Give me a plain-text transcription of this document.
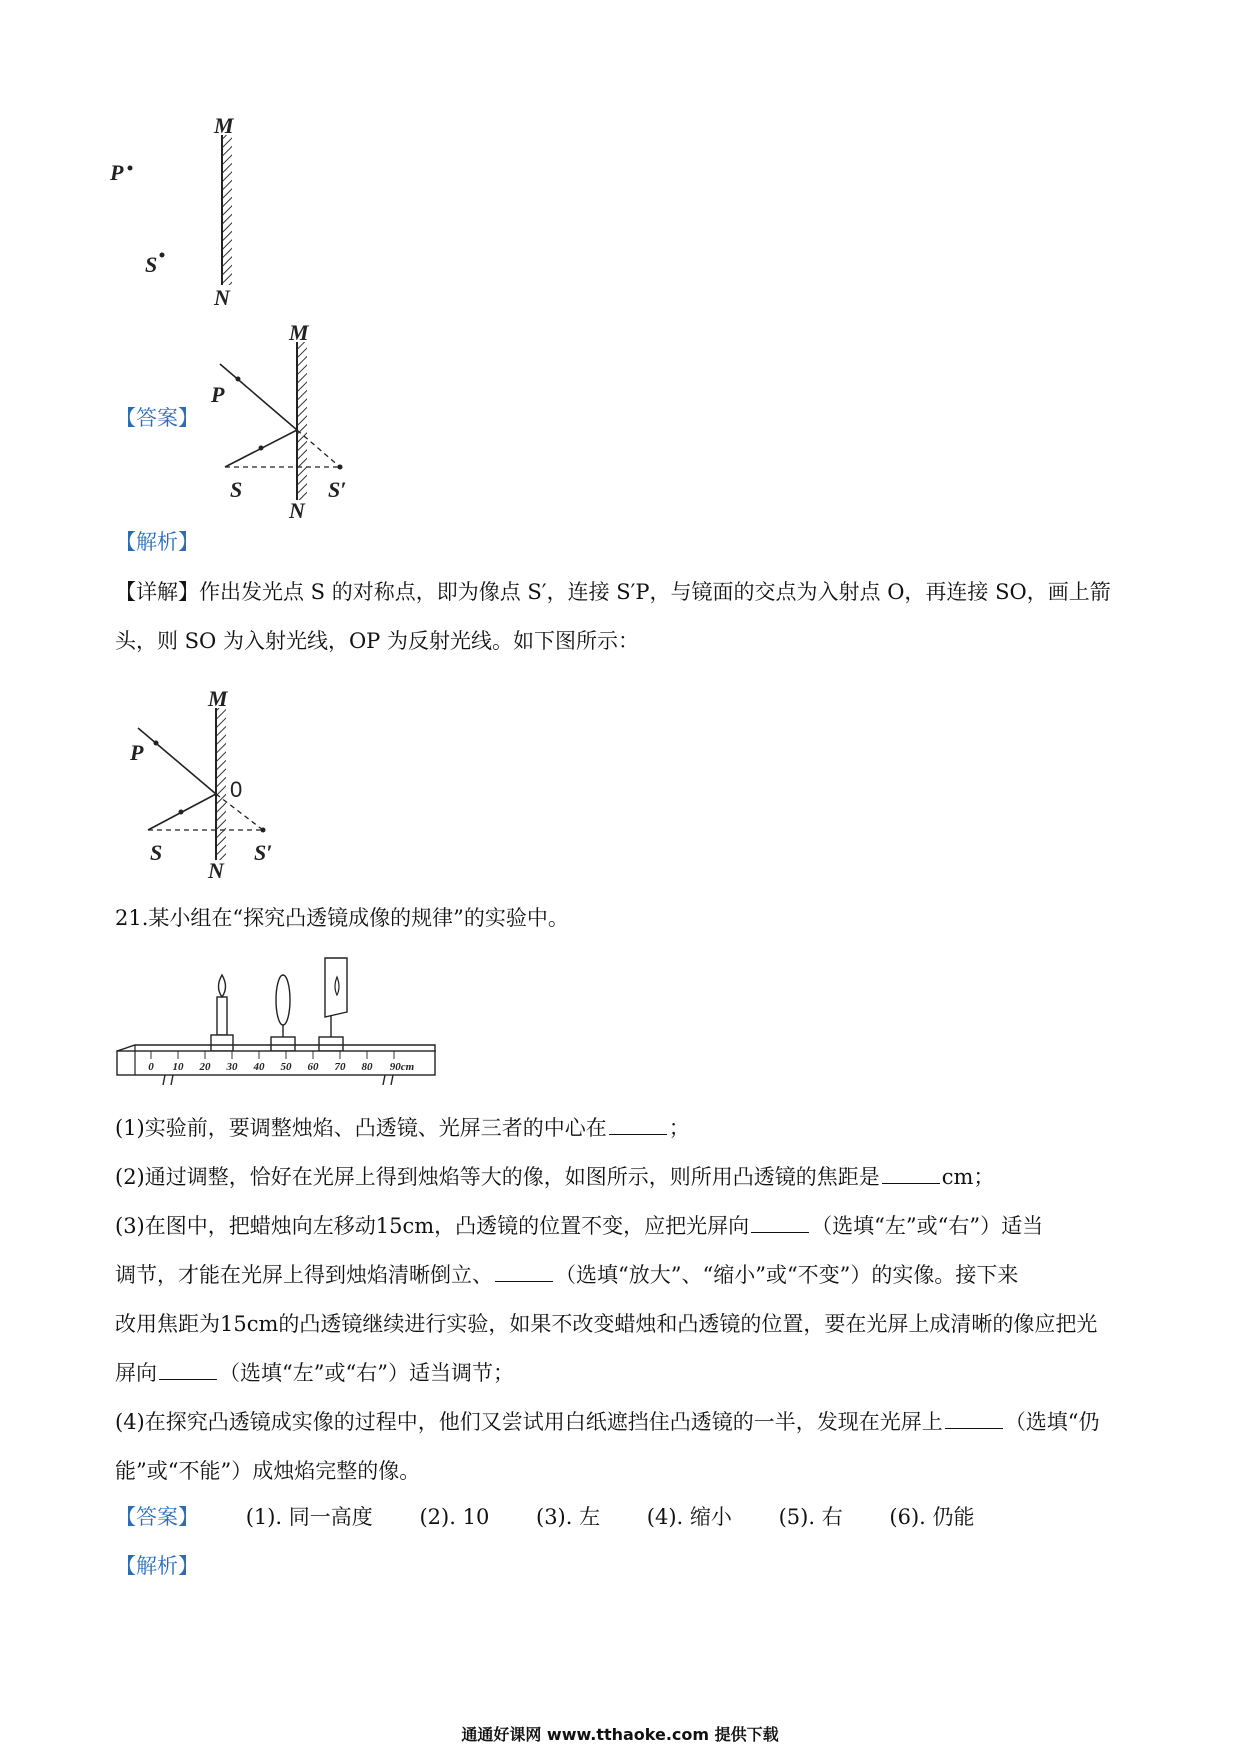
M
N
P
S
【答案】
M
N
P
S	S′
【解析】
【详解】作出发光点 S 的对称点，即为像点 S′，连接 S′P，与镜面的交点为入射点 O，再连接 SO，画上箭
头，则 SO 为入射光线，OP 为反射光线。如下图所示：
M
N
P
0
S	S′
21.某小组在“探究凸透镜成像的规律”的实验中。
0 10 20 30 40 50 60 70 80 90cm
(1)实验前，要调整烛焰、凸透镜、光屏三者的中心在	；
(2)通过调整，恰好在光屏上得到烛焰等大的像，如图所示，则所用凸透镜的焦距是	cm；
(3)在图中，把蜡烛向左移动15cm，凸透镜的位置不变，应把光屏向	（选填“左”或“右”）适当
调节，才能在光屏上得到烛焰清晰倒立、	（选填“放大”、“缩小”或“不变”）的实像。接下来
改用焦距为15cm的凸透镜继续进行实验，如果不改变蜡烛和凸透镜的位置，要在光屏上成清晰的像应把光
屏向	（选填“左”或“右”）适当调节；
(4)在探究凸透镜成实像的过程中，他们又尝试用白纸遮挡住凸透镜的一半，发现在光屏上	（选填“仍
能”或“不能”）成烛焰完整的像。
【答案】 (1). 同一高度 (2). 10 (3). 左 (4). 缩小 (5). 右 (6). 仍能
【解析】
通通好课网 www.tthaoke.com 提供下载
